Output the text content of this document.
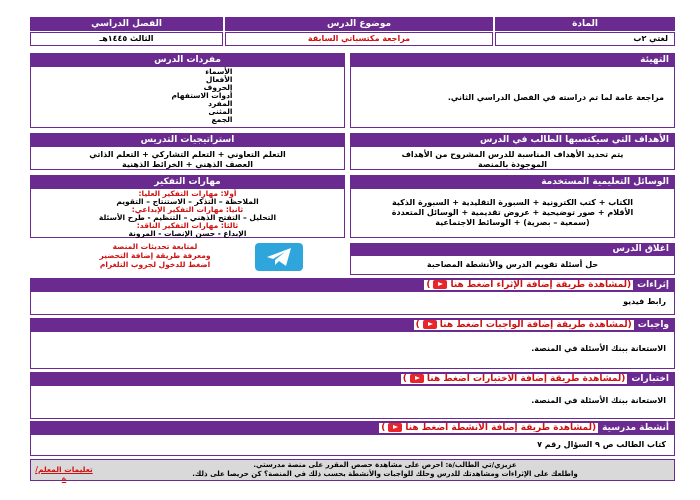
المادة
موضوع الدرس
الفصل الدراسي
لغتي ٢ب
مراجعة مكتسباتي السابقة
الثالث ١٤٤٥هـ
التهيئة
مراجعة عامة لما تم دراسته في الفصل الدراسي الثاني.
الأهداف التي سيكتسبها الطالب في الدرس
يتم تحديد الأهداف المناسبة للدرس المشروح من الأهداف الموجودة بالمنصة
الوسائل التعليمية المستخدمة
الكتاب + كتب الكترونية + السبورة التقليدية + السبورة الذكية
الأقلام + صور توضيحية + عروض تقديمية + الوسائل المتعددة
(سمعية – بصرية) + الوسائط الاجتماعية
اغلاق الدرس
حل أسئلة تقويم الدرس والأنشطة المصاحبة
مفردات الدرس
الأسماء
الأفعال
الحروف
أدوات الاستفهام
المفرد
المثنى
الجمع
استراتيجيات التدريس
التعلم التعاوني + التعلم التشاركي + التعلم الذاتي
العصف الذهني + الخرائط الذهنية
مهارات التفكير
أولا: مهارات التفكير العليا:
الملاحظة – التذكر – الاستنتاج – التقويم
ثانيا: مهارات التفكير الإبداعي:
التحليل – التفتح الذهني – التنظيم - طرح الأسئلة
ثالثا: مهارات التفكير الناقد:
الإبداع - حسن الإنصات - المرونة
لمتابعة تحديثات المنصة
ومعرفة طريقة إضافة التحضير
اضغط للدخول لجروب التلغرام
إثراءات
(لمشاهدة طريقة إضافة الإثراء اضغط هنا)
رابط فيديو
واجبات
(لمشاهدة طريقة إضافة الواجبات اضغط هنا)
الاستعانة ببنك الأسئلة في المنصة.
اختبارات
(لمشاهدة طريقة إضافة الاختبارات اضغط هنا)
الاستعانة ببنك الأسئلة في المنصة.
أنشطة مدرسية
(لمشاهدة طريقة إضافة الأنشطة اضغط هنا)
كتاب الطالب ص ٩ السؤال رقم ٧
تعليمات المعلم/ة
عزيزي/تي الطالب/ة: احرص على مشاهدة حصص المقرر على منصة مدرستي.
واطلعك على الإثراءات ومشاهدتك للدرس وحلك للواجبات والأنشطة بحسب ذلك في المنصة؟ كن حريصا على ذلك.
